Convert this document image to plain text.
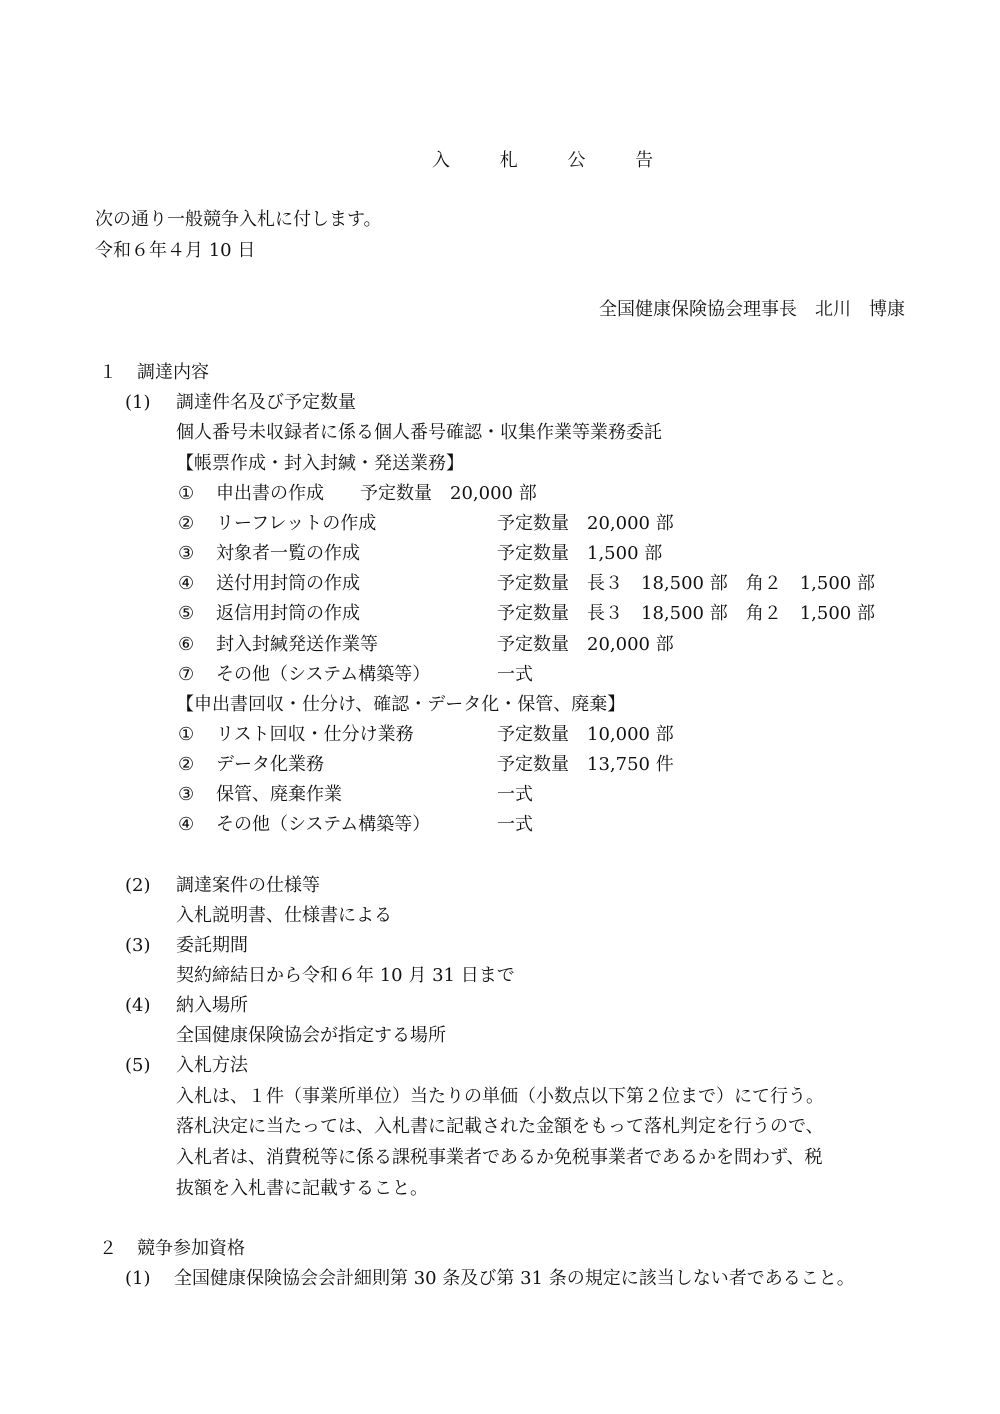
入 札 公 告
次の通り一般競争入札に付します。
令和６年４月 10 日
全国健康保険協会理事長　北川　博康
１ 調達内容
(1) 調達件名及び予定数量
個人番号未収録者に係る個人番号確認・収集作業等業務委託
【帳票作成・封入封緘・発送業務】
① 申出書の作成　　予定数量　20,000 部
② リーフレットの作成	予定数量　20,000 部
③ 対象者一覧の作成	予定数量　1,500 部
④ 送付用封筒の作成	予定数量　長３　18,500 部　角２　1,500 部
⑤ 返信用封筒の作成	予定数量　長３　18,500 部　角２　1,500 部
⑥ 封入封緘発送作業等	予定数量　20,000 部
⑦ その他（システム構築等）	一式
【申出書回収・仕分け、確認・データ化・保管、廃棄】
① リスト回収・仕分け業務	予定数量　10,000 部
② データ化業務	予定数量　13,750 件
③ 保管、廃棄作業	一式
④ その他（システム構築等）	一式
(2) 調達案件の仕様等
入札説明書、仕様書による
(3) 委託期間
契約締結日から令和６年 10 月 31 日まで
(4) 納入場所
全国健康保険協会が指定する場所
(5) 入札方法
入札は、１件（事業所単位）当たりの単価（小数点以下第２位まで）にて行う。
落札決定に当たっては、入札書に記載された金額をもって落札判定を行うので、
入札者は、消費税等に係る課税事業者であるか免税事業者であるかを問わず、税
抜額を入札書に記載すること。
２ 競争参加資格
(1) 全国健康保険協会会計細則第 30 条及び第 31 条の規定に該当しない者であること。
